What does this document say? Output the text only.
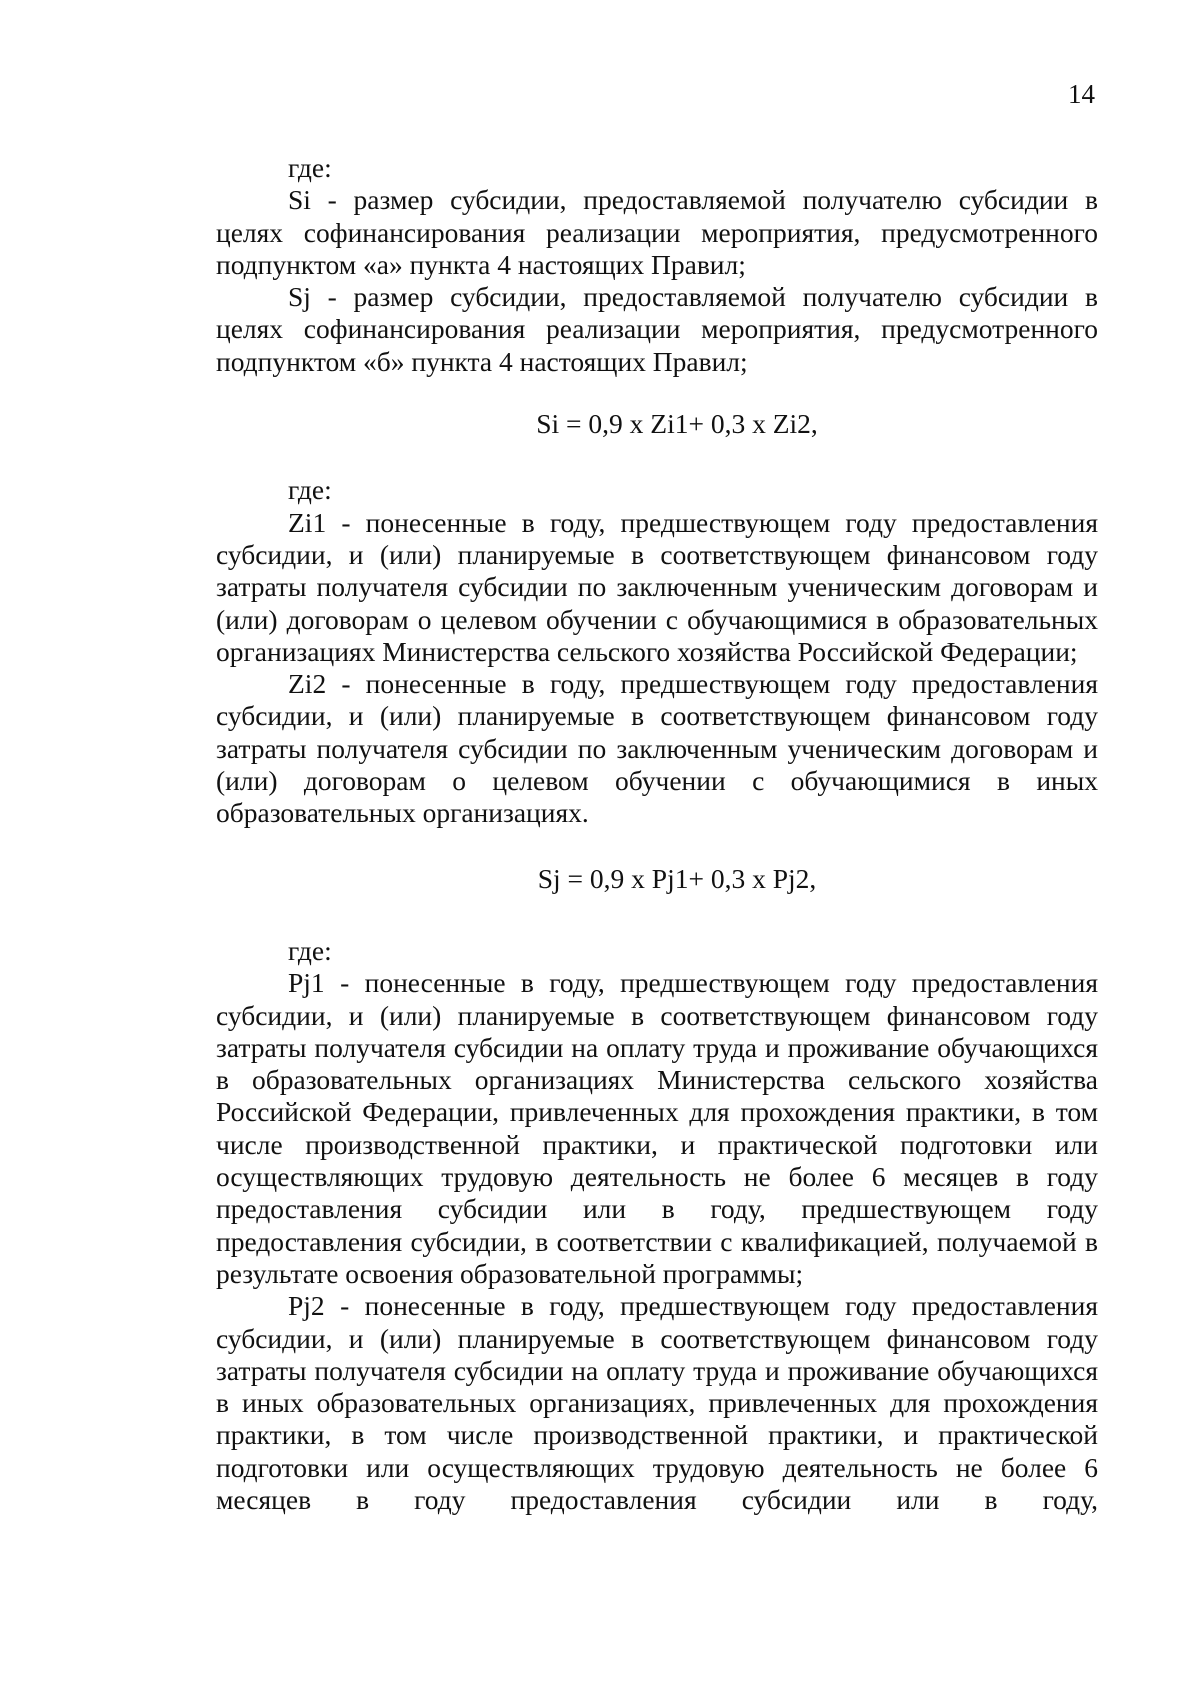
14

где:

Si - размер субсидии, предоставляемой получателю субсидии в целях софинансирования реализации мероприятия, предусмотренного подпунктом «а» пункта 4 настоящих Правил;

Sj - размер субсидии, предоставляемой получателю субсидии в целях софинансирования реализации мероприятия, предусмотренного подпунктом «б» пункта 4 настоящих Правил;

Si = 0,9 x Zi1+ 0,3 x Zi2,

где:

Zi1 - понесенные в году, предшествующем году предоставления субсидии, и (или) планируемые в соответствующем финансовом году затраты получателя субсидии по заключенным ученическим договорам и (или) договорам о целевом обучении с обучающимися в образовательных организациях Министерства сельского хозяйства Российской Федерации;

Zi2 - понесенные в году, предшествующем году предоставления субсидии, и (или) планируемые в соответствующем финансовом году затраты получателя субсидии по заключенным ученическим договорам и (или) договорам о целевом обучении с обучающимися в иных образовательных организациях.

Sj = 0,9 x Pj1+ 0,3 x Pj2,

где:

Pj1 - понесенные в году, предшествующем году предоставления субсидии, и (или) планируемые в соответствующем финансовом году затраты получателя субсидии на оплату труда и проживание обучающихся в образовательных организациях Министерства сельского хозяйства Российской Федерации, привлеченных для прохождения практики, в том числе производственной практики, и практической подготовки или осуществляющих трудовую деятельность не более 6 месяцев в году предоставления субсидии или в году, предшествующем году предоставления субсидии, в соответствии с квалификацией, получаемой в результате освоения образовательной программы;

Pj2 - понесенные в году, предшествующем году предоставления субсидии, и (или) планируемые в соответствующем финансовом году затраты получателя субсидии на оплату труда и проживание обучающихся в иных образовательных организациях, привлеченных для прохождения практики, в том числе производственной практики, и практической подготовки или осуществляющих трудовую деятельность не более 6 месяцев в году предоставления субсидии или в году,
